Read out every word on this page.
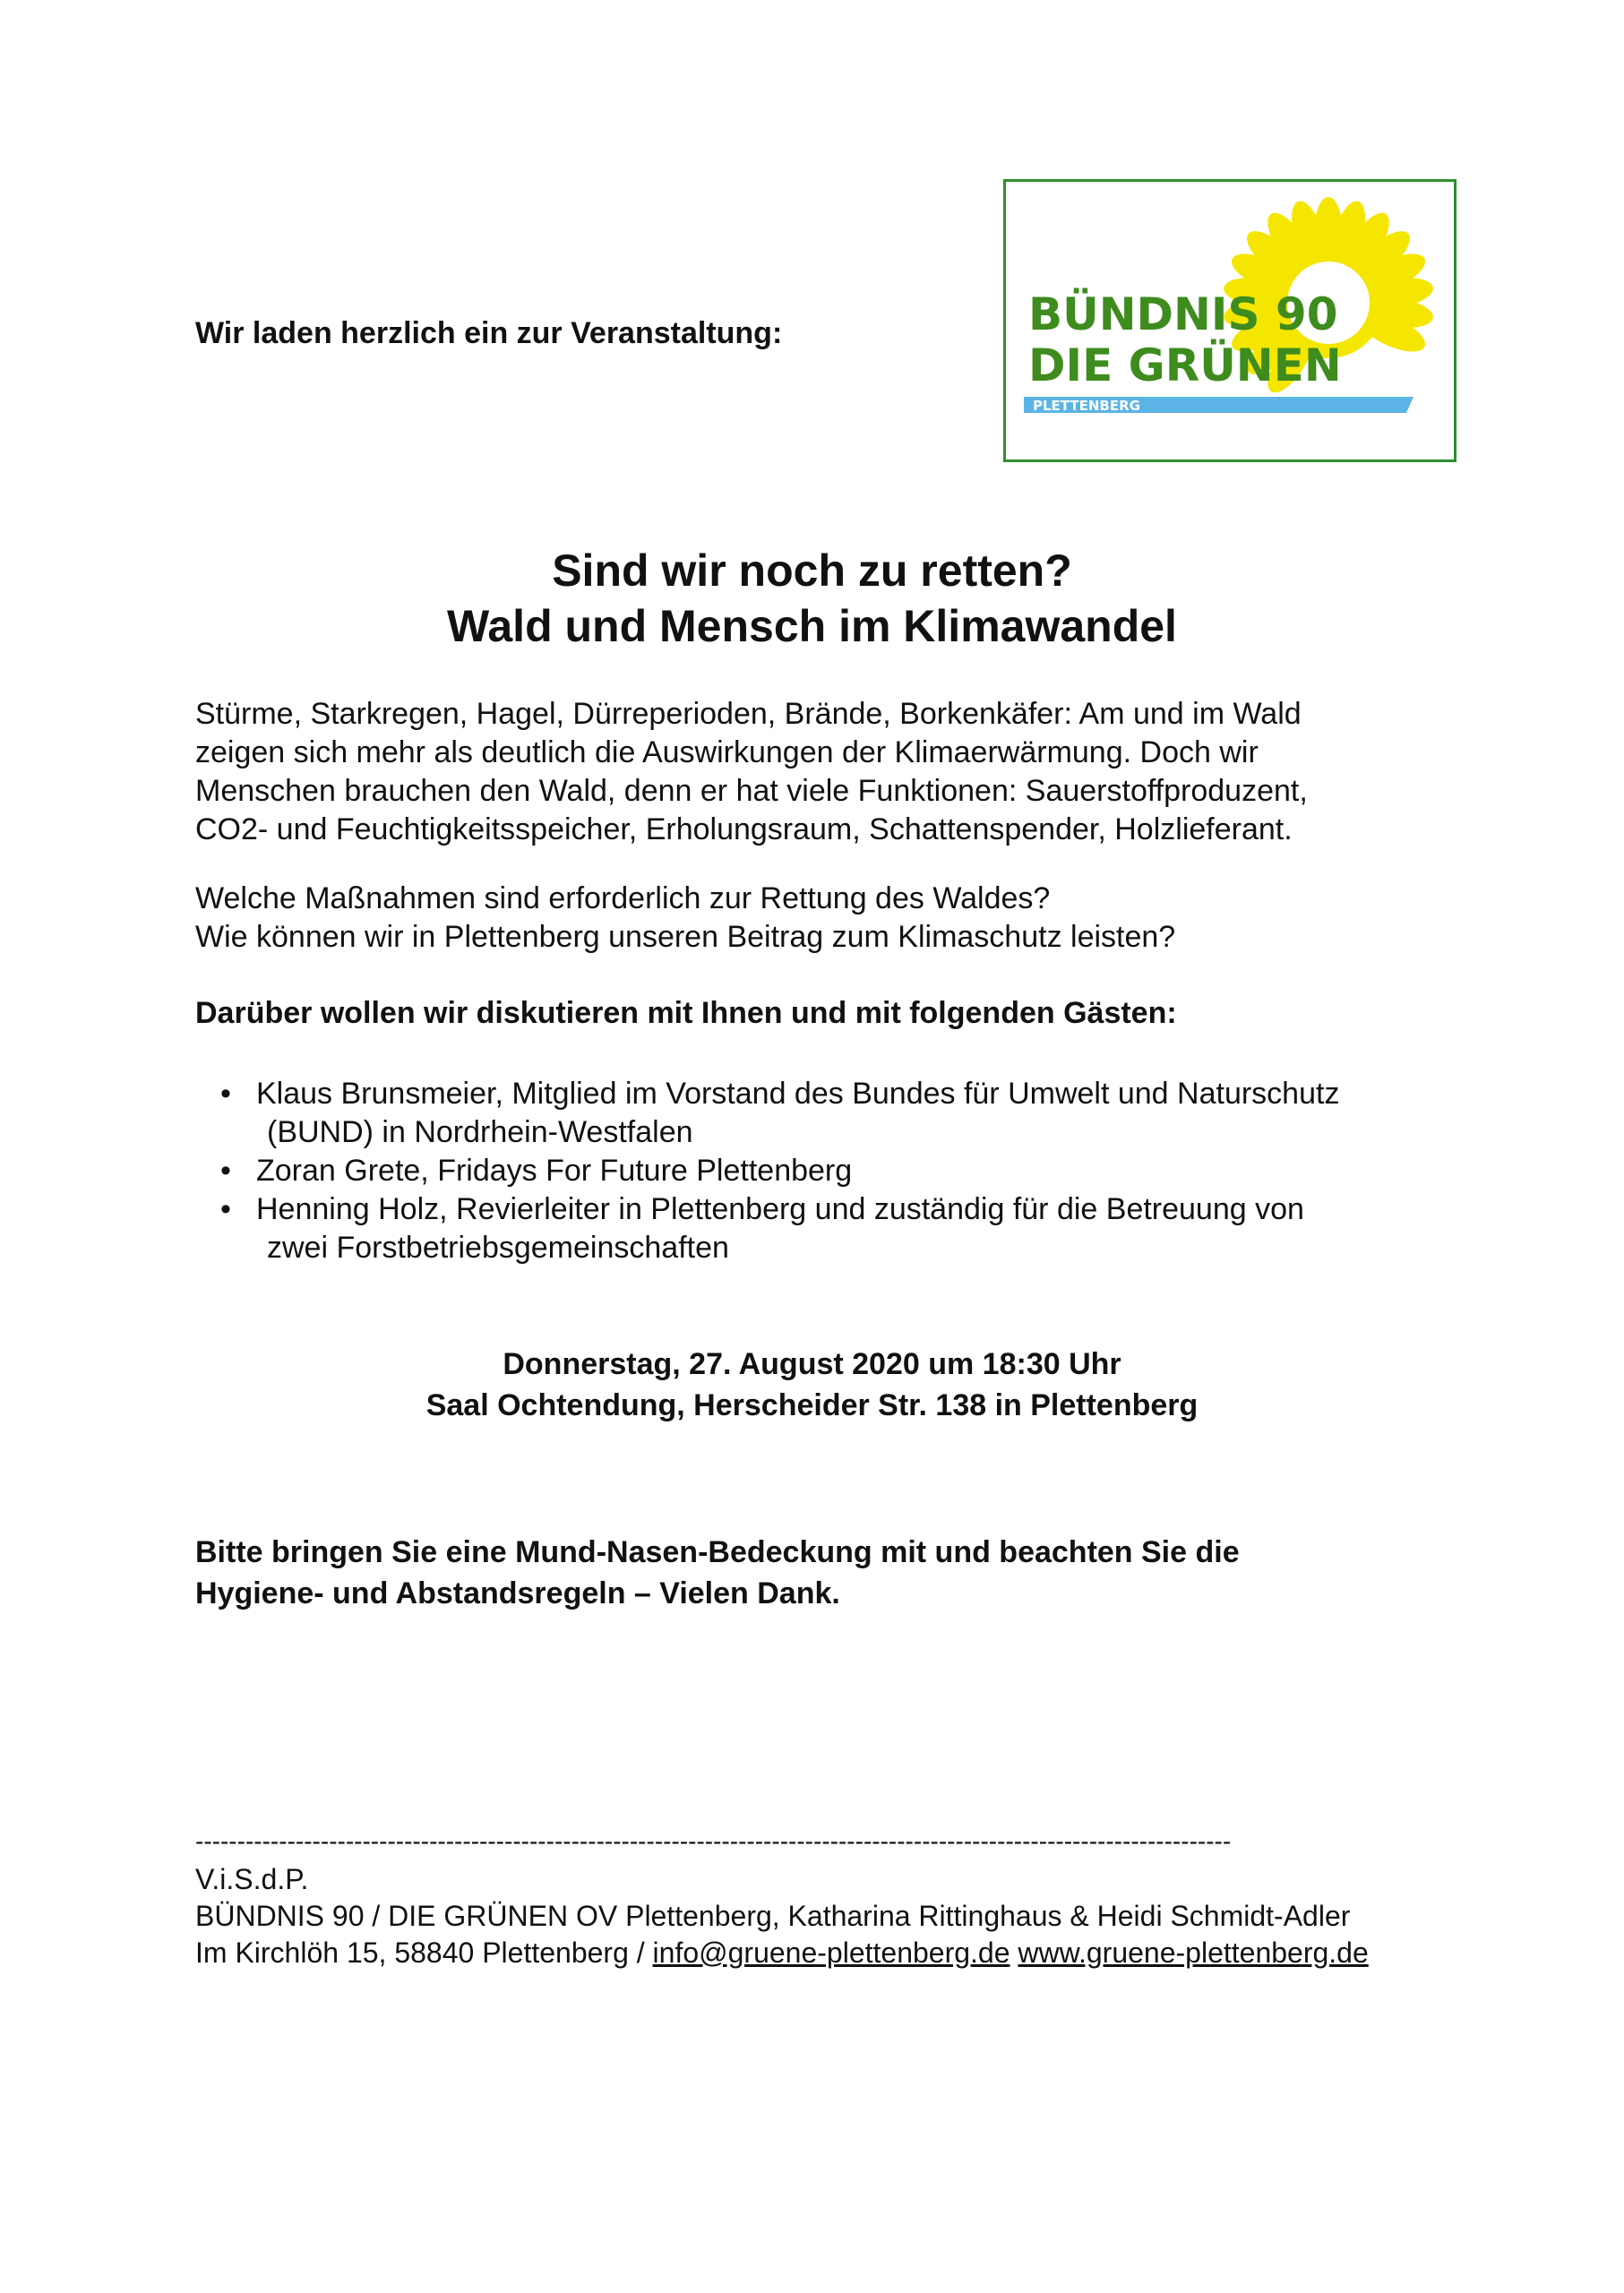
Wir laden herzlich ein zur Veranstaltung:	BÜNDNIS 90
DIE GRÜNEN
PLETTENBERG
Sind wir noch zu retten?
Wald und Mensch im Klimawandel
Stürme, Starkregen, Hagel, Dürreperioden, Brände, Borkenkäfer: Am und im Wald
zeigen sich mehr als deutlich die Auswirkungen der Klimaerwärmung. Doch wir
Menschen brauchen den Wald, denn er hat viele Funktionen: Sauerstoffproduzent,
CO2- und Feuchtigkeitsspeicher, Erholungsraum, Schattenspender, Holzlieferant.
Welche Maßnahmen sind erforderlich zur Rettung des Waldes?
Wie können wir in Plettenberg unseren Beitrag zum Klimaschutz leisten?
Darüber wollen wir diskutieren mit Ihnen und mit folgenden Gästen:
• Klaus Brunsmeier, Mitglied im Vorstand des Bundes für Umwelt und Naturschutz
(BUND) in Nordrhein-Westfalen
• Zoran Grete, Fridays For Future Plettenberg
• Henning Holz, Revierleiter in Plettenberg und zuständig für die Betreuung von
zwei Forstbetriebsgemeinschaften
Donnerstag, 27. August 2020 um 18:30 Uhr
Saal Ochtendung, Herscheider Str. 138 in Plettenberg
Bitte bringen Sie eine Mund-Nasen-Bedeckung mit und beachten Sie die
Hygiene- und Abstandsregeln – Vielen Dank.
----------------------------------------------------------------------------------------------------------------------------
V.i.S.d.P.
BÜNDNIS 90 / DIE GRÜNEN OV Plettenberg, Katharina Rittinghaus & Heidi Schmidt-Adler
Im Kirchlöh 15, 58840 Plettenberg / info@gruene-plettenberg.de www.gruene-plettenberg.de
